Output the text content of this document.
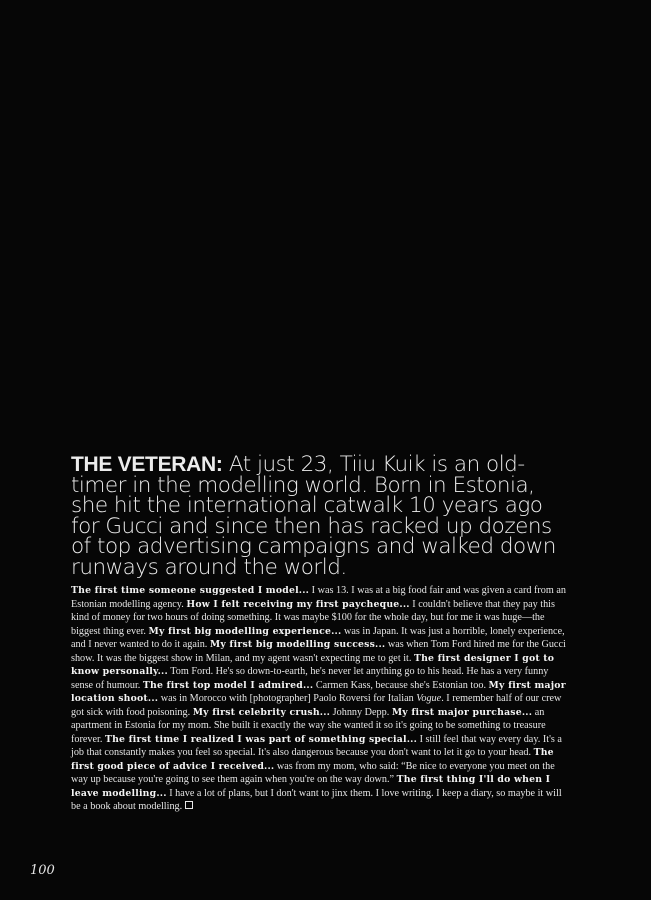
THE VETERAN: At just 23, Tiiu Kuik is an old-timer in the modelling world. Born in Estonia, she hit the international catwalk 10 years ago for Gucci and since then has racked up dozens of top advertising campaigns and walked down runways around the world.

The first time someone suggested I model... I was 13. I was at a big food fair and was given a card from an Estonian modelling agency. How I felt receiving my first paycheque... I couldn't believe that they pay this kind of money for two hours of doing something. It was maybe $100 for the whole day, but for me it was huge—the biggest thing ever. My first big modelling experience... was in Japan. It was just a horrible, lonely experience, and I never wanted to do it again. My first big modelling success... was when Tom Ford hired me for the Gucci show. It was the biggest show in Milan, and my agent wasn't expecting me to get it. The first designer I got to know personally... Tom Ford. He's so down-to-earth, he's never let anything go to his head. He has a very funny sense of humour. The first top model I admired... Carmen Kass, because she's Estonian too. My first major location shoot... was in Morocco with [photographer] Paolo Roversi for Italian Vogue. I remember half of our crew got sick with food poisoning. My first celebrity crush... Johnny Depp. My first major purchase... an apartment in Estonia for my mom. She built it exactly the way she wanted it so it's going to be something to treasure forever. The first time I realized I was part of something special... I still feel that way every day. It's a job that constantly makes you feel so special. It's also dangerous because you don't want to let it go to your head. The first good piece of advice I received... was from my mom, who said: “Be nice to everyone you meet on the way up because you're going to see them again when you're on the way down.” The first thing I'll do when I leave modelling... I have a lot of plans, but I don't want to jinx them. I love writing. I keep a diary, so maybe it will be a book about modelling.

100
